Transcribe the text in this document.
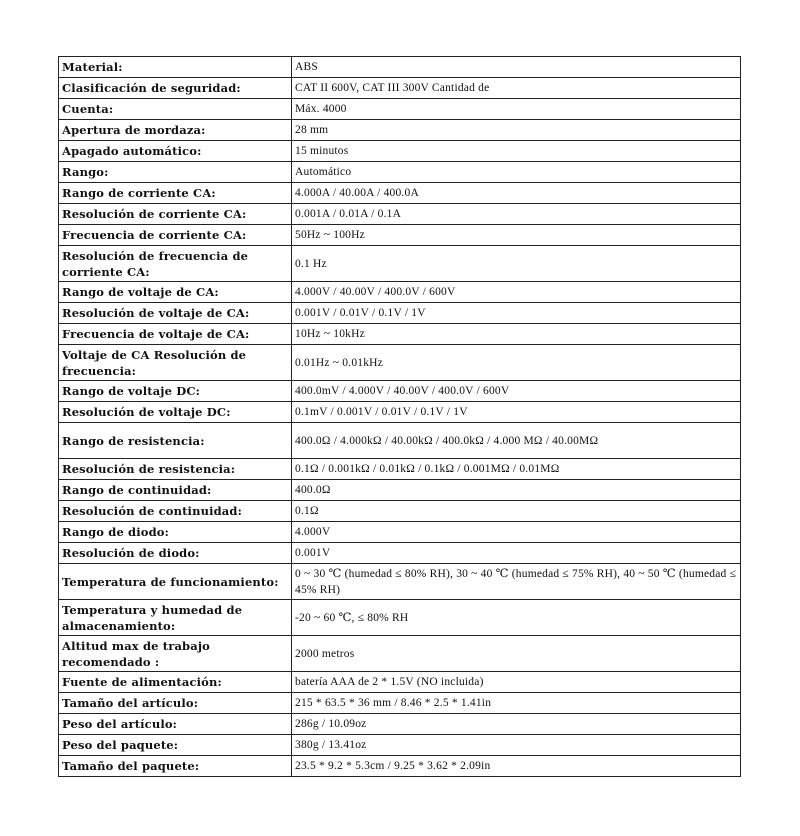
Material:	ABS
Clasificación de seguridad:	CAT II 600V, CAT III 300V Cantidad de
Cuenta:	Máx. 4000
Apertura de mordaza:	28 mm
Apagado automático:	15 minutos
Rango:	Automático
Rango de corriente CA:	4.000A / 40.00A / 400.0A
Resolución de corriente CA:	0.001A / 0.01A / 0.1A
Frecuencia de corriente CA:	50Hz ~ 100Hz
Resolución de frecuencia de corriente CA:	0.1 Hz
Rango de voltaje de CA:	4.000V / 40.00V / 400.0V / 600V
Resolución de voltaje de CA:	0.001V / 0.01V / 0.1V / 1V
Frecuencia de voltaje de CA:	10Hz ~ 10kHz
Voltaje de CA Resolución de frecuencia:	0.01Hz ~ 0.01kHz
Rango de voltaje DC:	400.0mV / 4.000V / 40.00V / 400.0V / 600V
Resolución de voltaje DC:	0.1mV / 0.001V / 0.01V / 0.1V / 1V
Rango de resistencia:	400.0Ω / 4.000kΩ / 40.00kΩ / 400.0kΩ / 4.000 MΩ / 40.00MΩ
Resolución de resistencia:	0.1Ω / 0.001kΩ / 0.01kΩ / 0.1kΩ / 0.001MΩ / 0.01MΩ
Rango de continuidad:	400.0Ω
Resolución de continuidad:	0.1Ω
Rango de diodo:	4.000V
Resolución de diodo:	0.001V
Temperatura de funcionamiento:	0 ~ 30 ℃ (humedad ≤ 80% RH), 30 ~ 40 ℃ (humedad ≤ 75% RH), 40 ~ 50 ℃ (humedad ≤ 45% RH)
Temperatura y humedad de almacenamiento:	-20 ~ 60 ℃, ≤ 80% RH
Altitud max de trabajo recomendado :	2000 metros
Fuente de alimentación:	batería AAA de 2 * 1.5V (NO incluida)
Tamaño del artículo:	215 * 63.5 * 36 mm / 8.46 * 2.5 * 1.41in
Peso del artículo:	286g / 10.09oz
Peso del paquete:	380g / 13.41oz
Tamaño del paquete:	23.5 * 9.2 * 5.3cm / 9.25 * 3.62 * 2.09in
